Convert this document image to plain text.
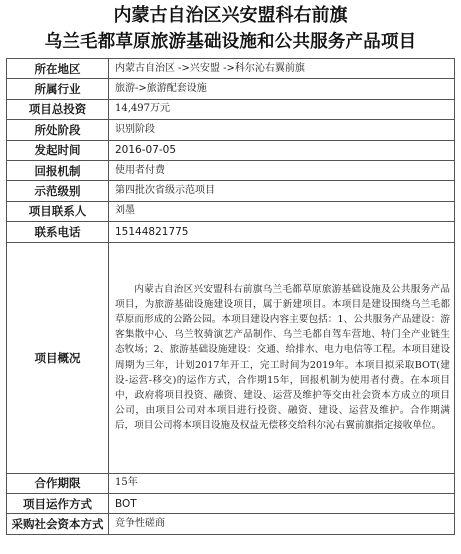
内蒙古自治区兴安盟科右前旗
乌兰毛都草原旅游基础设施和公共服务产品项目
所在地区	内蒙古自治区 ->兴安盟 ->科尔沁右翼前旗
所属行业	旅游->旅游配套设施
项目总投资	14,497万元
所处阶段	识别阶段
发起时间	2016-07-05
回报机制	使用者付费
示范级别	第四批次省级示范项目
项目联系人	刘墨
联系电话	15144821775
项目概况	内蒙古自治区兴安盟科右前旗乌兰毛都草原旅游基础设施及公共服务产品项目，为旅游基础设施建设项目，属于新建项目。本项目是建设围绕乌兰毛都草原而形成的公路公园。本项目建设内容主要包括：1、公共服务产品建设：游客集散中心、乌兰牧骑演艺产品制作、乌兰毛都自驾车营地、特门全产业链生态牧场；2、旅游基础设施建设：交通、给排水、电力电信等工程。本项目建设周期为三年，计划2017年开工，完工时间为2019年。本项目拟采取BOT(建设-运营-移交)的运作方式，合作期15年，回报机制为使用者付费。在本项目中，政府将项目投资、融资、建设、运营及维护等交由社会资本方成立的项目公司，由项目公司对本项目进行投资、融资、建设、运营及维护。合作期满后，项目公司将本项目设施及权益无偿移交给科尔沁右翼前旗指定接收单位。
合作期限	15年
项目运作方式	BOT
采购社会资本方式	竞争性磋商
